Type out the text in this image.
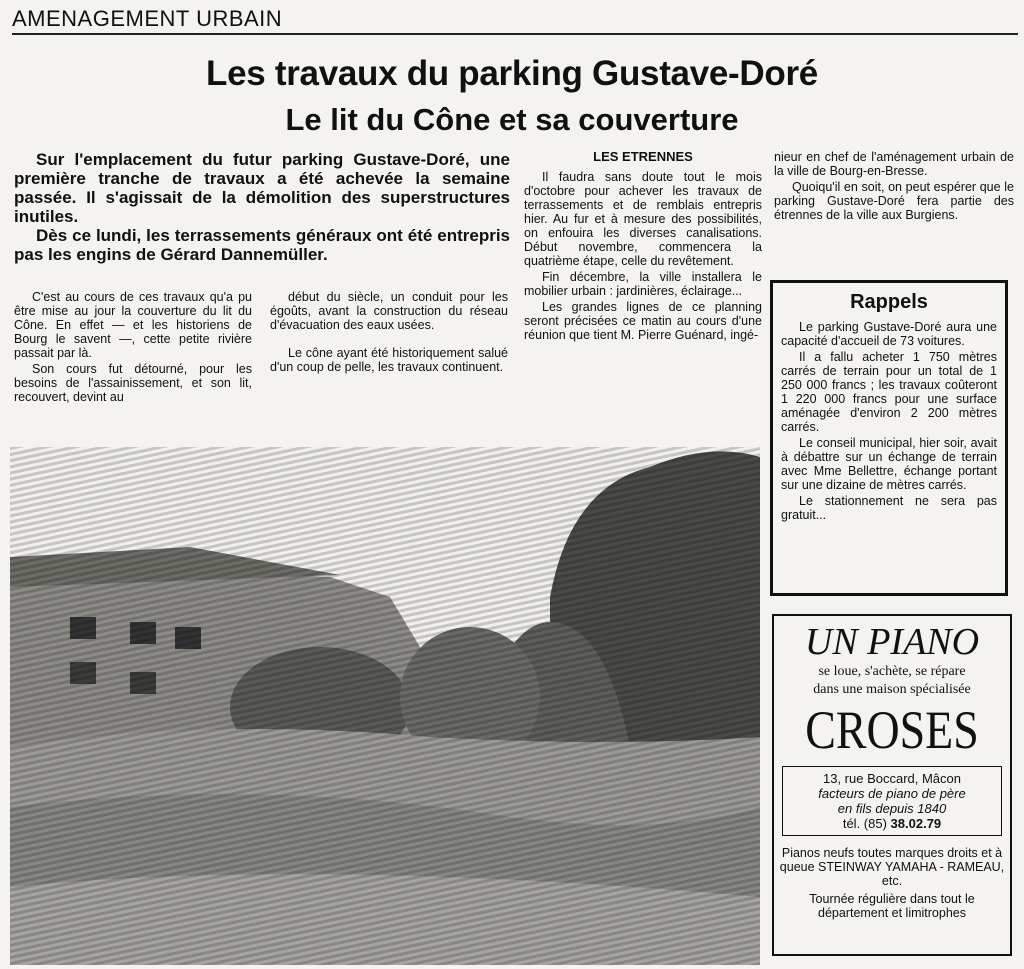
AMENAGEMENT URBAIN
Les travaux du parking Gustave-Doré
Le lit du Cône et sa couverture

Sur l'emplacement du futur parking Gustave-Doré, une première tranche de travaux a été achevée la semaine passée. Il s'agissait de la démolition des superstructures inutiles.

Dès ce lundi, les terrassements généraux ont été entrepris pas les engins de Gérard Dannemüller.

C'est au cours de ces travaux qu'a pu être mise au jour la couverture du lit du Cône. En effet — et les historiens de Bourg le savent —, cette petite rivière passait par là.

Son cours fut détourné, pour les besoins de l'assainissement, et son lit, recouvert, devint au

début du siècle, un conduit pour les égoûts, avant la construction du réseau d'évacuation des eaux usées.

Le cône ayant été historiquement salué d'un coup de pelle, les travaux continuent.

LES ETRENNES

Il faudra sans doute tout le mois d'octobre pour achever les travaux de terrassements et de remblais entrepris hier. Au fur et à mesure des possibilités, on enfouira les diverses canalisations. Début novembre, commencera la quatrième étape, celle du revêtement.

Fin décembre, la ville installera le mobilier urbain : jardinières, éclairage...

Les grandes lignes de ce planning seront précisées ce matin au cours d'une réunion que tient M. Pierre Guénard, ingé-

nieur en chef de l'aménagement urbain de la ville de Bourg-en-Bresse.

Quoiqu'il en soit, on peut espérer que le parking Gustave-Doré fera partie des étrennes de la ville aux Burgiens.

Rappels

Le parking Gustave-Doré aura une capacité d'accueil de 73 voitures.

Il a fallu acheter 1 750 mètres carrés de terrain pour un total de 1 250 000 francs ; les travaux coûteront 1 220 000 francs pour une surface aménagée d'environ 2 200 mètres carrés.

Le conseil municipal, hier soir, avait à débattre sur un échange de terrain avec Mme Bellettre, échange portant sur une dizaine de mètres carrés.

Le stationnement ne sera pas gratuit...

UN PIANO
se loue, s'achète, se répare
dans une maison spécialisée
CROSES
13, rue Boccard, Mâcon
facteurs de piano de père
en fils depuis 1840
tél. (85) 38.02.79
Pianos neufs toutes marques droits et à queue STEINWAY YAMAHA - RAMEAU, etc.
Tournée régulière dans tout le département et limitrophes
